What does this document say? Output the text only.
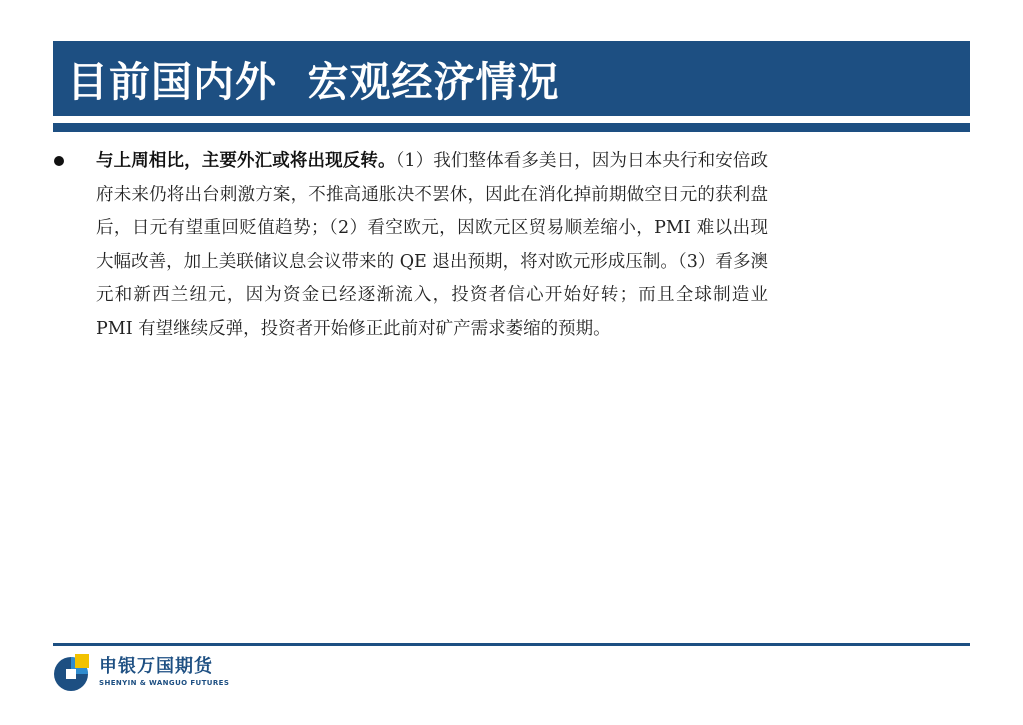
目前国内外  宏观经济情况
与上周相比，主要外汇或将出现反转。（1）我们整体看多美日，因为日本央行和安倍政府未来仍将出台刺激方案，不推高通胀决不罢休，因此在消化掉前期做空日元的获利盘后，日元有望重回贬值趋势；（2）看空欧元，因欧元区贸易顺差缩小，PMI 难以出现大幅改善，加上美联储议息会议带来的 QE 退出预期，将对欧元形成压制。（3）看多澳元和新西兰纽元，因为资金已经逐渐流入，投资者信心开始好转；而且全球制造业 PMI 有望继续反弹，投资者开始修正此前对矿产需求萎缩的预期。
申银万国期货
SHENYIN & WANGUO FUTURES
